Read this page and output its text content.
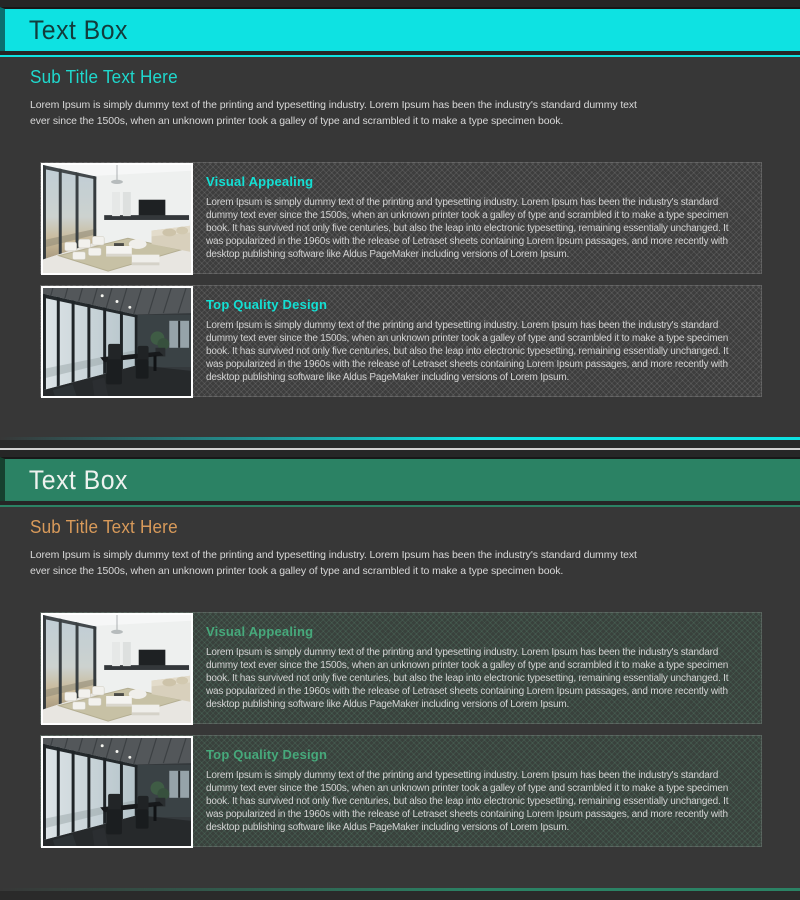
Text Box
Sub Title Text Here

Lorem Ipsum is simply dummy text of the printing and typesetting industry. Lorem Ipsum has been the industry's standard dummy text ever since the 1500s, when an unknown printer took a galley of type and scrambled it to make a type specimen book.

Visual Appealing

Lorem Ipsum is simply dummy text of the printing and typesetting industry. Lorem Ipsum has been the industry's standard dummy text ever since the 1500s, when an unknown printer took a galley of type and scrambled it to make a type specimen book. It has survived not only five centuries, but also the leap into electronic typesetting, remaining essentially unchanged. It was popularized in the 1960s with the release of Letraset sheets containing Lorem Ipsum passages, and more recently with desktop publishing software like Aldus PageMaker including versions of Lorem Ipsum.

Top Quality Design

Lorem Ipsum is simply dummy text of the printing and typesetting industry. Lorem Ipsum has been the industry's standard dummy text ever since the 1500s, when an unknown printer took a galley of type and scrambled it to make a type specimen book. It has survived not only five centuries, but also the leap into electronic typesetting, remaining essentially unchanged. It was popularized in the 1960s with the release of Letraset sheets containing Lorem Ipsum passages, and more recently with desktop publishing software like Aldus PageMaker including versions of Lorem Ipsum.

Text Box
Sub Title Text Here

Lorem Ipsum is simply dummy text of the printing and typesetting industry. Lorem Ipsum has been the industry's standard dummy text ever since the 1500s, when an unknown printer took a galley of type and scrambled it to make a type specimen book.

Visual Appealing

Lorem Ipsum is simply dummy text of the printing and typesetting industry. Lorem Ipsum has been the industry's standard dummy text ever since the 1500s, when an unknown printer took a galley of type and scrambled it to make a type specimen book. It has survived not only five centuries, but also the leap into electronic typesetting, remaining essentially unchanged. It was popularized in the 1960s with the release of Letraset sheets containing Lorem Ipsum passages, and more recently with desktop publishing software like Aldus PageMaker including versions of Lorem Ipsum.

Top Quality Design

Lorem Ipsum is simply dummy text of the printing and typesetting industry. Lorem Ipsum has been the industry's standard dummy text ever since the 1500s, when an unknown printer took a galley of type and scrambled it to make a type specimen book. It has survived not only five centuries, but also the leap into electronic typesetting, remaining essentially unchanged. It was popularized in the 1960s with the release of Letraset sheets containing Lorem Ipsum passages, and more recently with desktop publishing software like Aldus PageMaker including versions of Lorem Ipsum.
